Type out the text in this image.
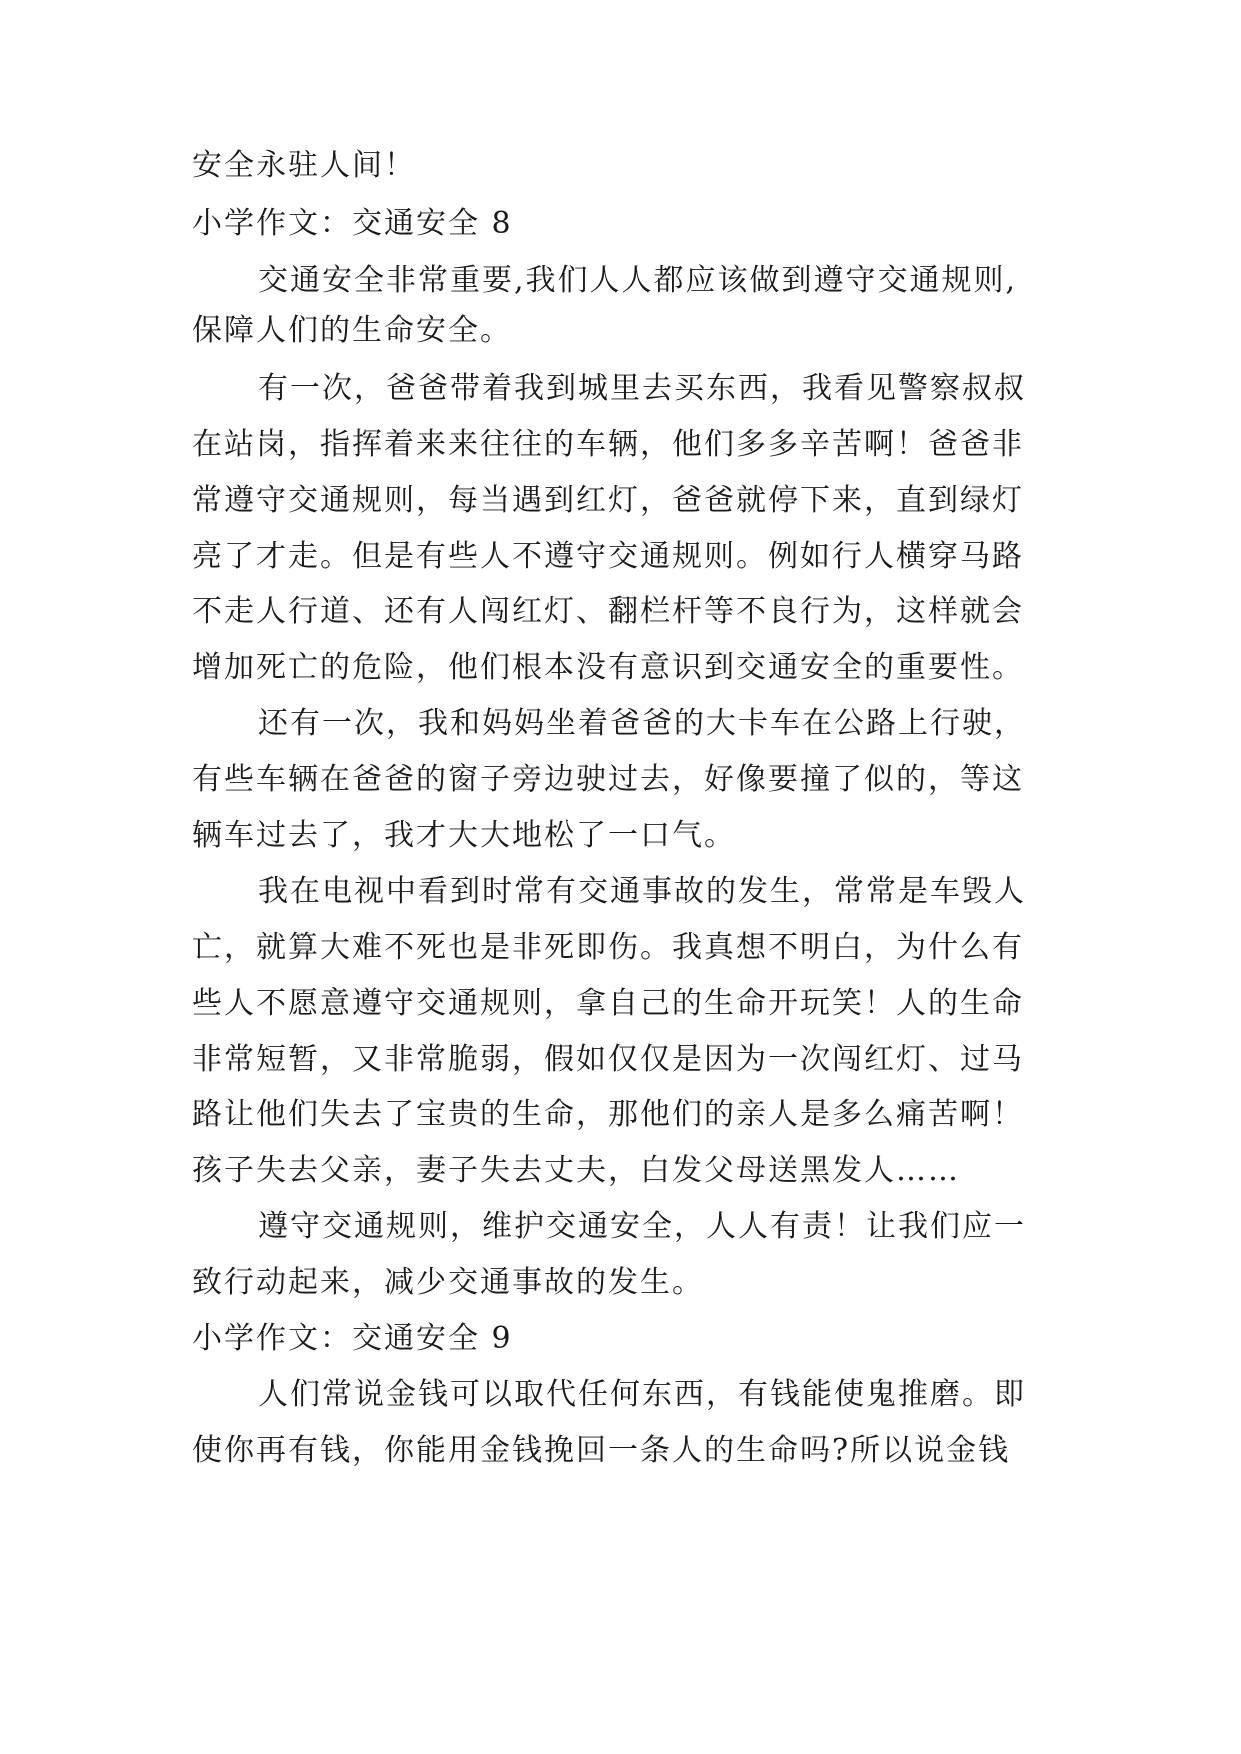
安全永驻人间！
小学作文：交通安全 8
交通安全非常重要,我们人人都应该做到遵守交通规则,
保障人们的生命安全。
有一次，爸爸带着我到城里去买东西，我看见警察叔叔
在站岗，指挥着来来往往的车辆，他们多多辛苦啊！爸爸非
常遵守交通规则，每当遇到红灯，爸爸就停下来，直到绿灯
亮了才走。但是有些人不遵守交通规则。例如行人横穿马路
不走人行道、还有人闯红灯、翻栏杆等不良行为，这样就会
增加死亡的危险，他们根本没有意识到交通安全的重要性。
还有一次，我和妈妈坐着爸爸的大卡车在公路上行驶，
有些车辆在爸爸的窗子旁边驶过去，好像要撞了似的，等这
辆车过去了，我才大大地松了一口气。
我在电视中看到时常有交通事故的发生，常常是车毁人
亡，就算大难不死也是非死即伤。我真想不明白，为什么有
些人不愿意遵守交通规则，拿自己的生命开玩笑！人的生命
非常短暂，又非常脆弱，假如仅仅是因为一次闯红灯、过马
路让他们失去了宝贵的生命，那他们的亲人是多么痛苦啊！
孩子失去父亲，妻子失去丈夫，白发父母送黑发人……
遵守交通规则，维护交通安全，人人有责！让我们应一
致行动起来，减少交通事故的发生。
小学作文：交通安全 9
人们常说金钱可以取代任何东西，有钱能使鬼推磨。即
使你再有钱，你能用金钱挽回一条人的生命吗?所以说金钱
